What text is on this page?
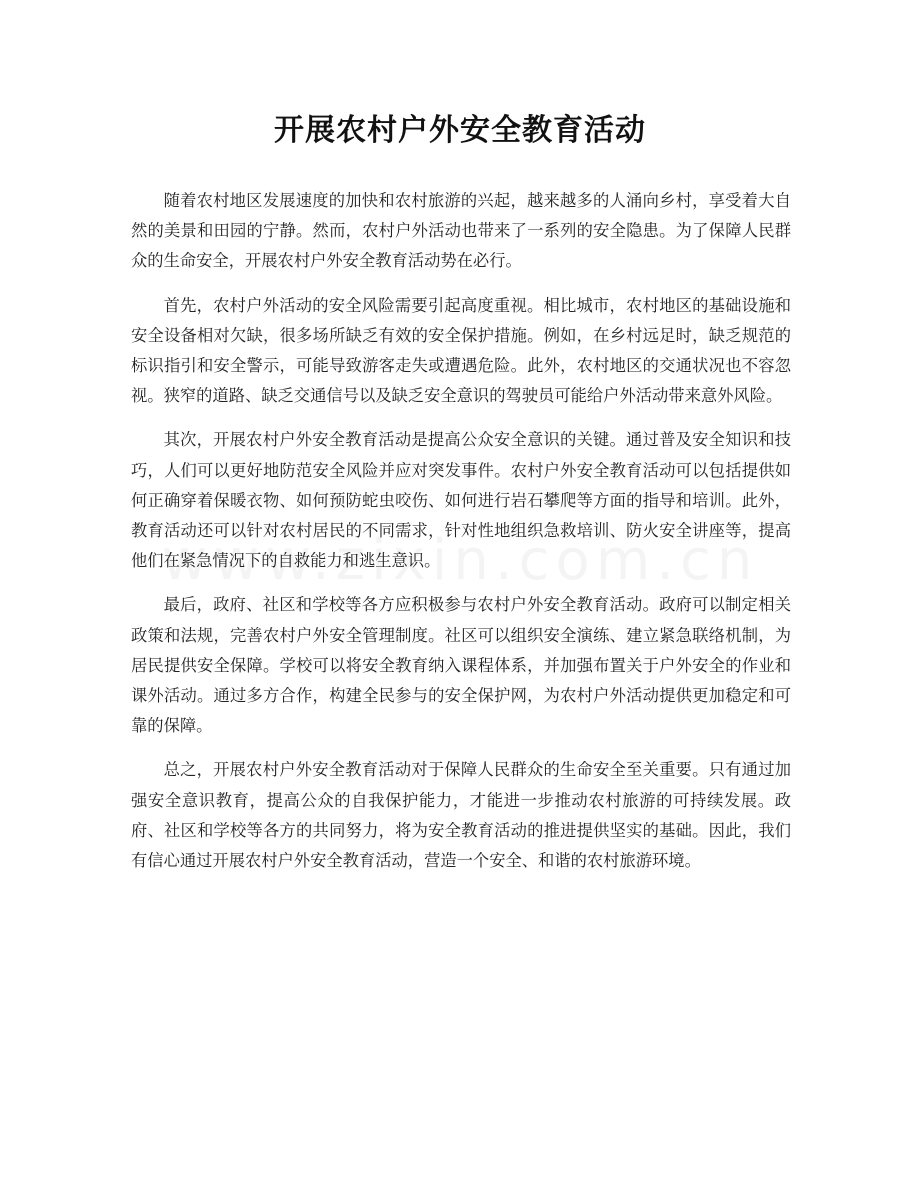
开展农村户外安全教育活动

随着农村地区发展速度的加快和农村旅游的兴起，越来越多的人涌向乡村，享受着大自然的美景和田园的宁静。然而，农村户外活动也带来了一系列的安全隐患。为了保障人民群众的生命安全，开展农村户外安全教育活动势在必行。

首先，农村户外活动的安全风险需要引起高度重视。相比城市，农村地区的基础设施和安全设备相对欠缺，很多场所缺乏有效的安全保护措施。例如，在乡村远足时，缺乏规范的标识指引和安全警示，可能导致游客走失或遭遇危险。此外，农村地区的交通状况也不容忽视。狭窄的道路、缺乏交通信号以及缺乏安全意识的驾驶员可能给户外活动带来意外风险。

其次，开展农村户外安全教育活动是提高公众安全意识的关键。通过普及安全知识和技巧，人们可以更好地防范安全风险并应对突发事件。农村户外安全教育活动可以包括提供如何正确穿着保暖衣物、如何预防蛇虫咬伤、如何进行岩石攀爬等方面的指导和培训。此外，教育活动还可以针对农村居民的不同需求，针对性地组织急救培训、防火安全讲座等，提高他们在紧急情况下的自救能力和逃生意识。

最后，政府、社区和学校等各方应积极参与农村户外安全教育活动。政府可以制定相关政策和法规，完善农村户外安全管理制度。社区可以组织安全演练、建立紧急联络机制，为居民提供安全保障。学校可以将安全教育纳入课程体系，并加强布置关于户外安全的作业和课外活动。通过多方合作，构建全民参与的安全保护网，为农村户外活动提供更加稳定和可靠的保障。

总之，开展农村户外安全教育活动对于保障人民群众的生命安全至关重要。只有通过加强安全意识教育，提高公众的自我保护能力，才能进一步推动农村旅游的可持续发展。政府、社区和学校等各方的共同努力，将为安全教育活动的推进提供坚实的基础。因此，我们有信心通过开展农村户外安全教育活动，营造一个安全、和谐的农村旅游环境。
